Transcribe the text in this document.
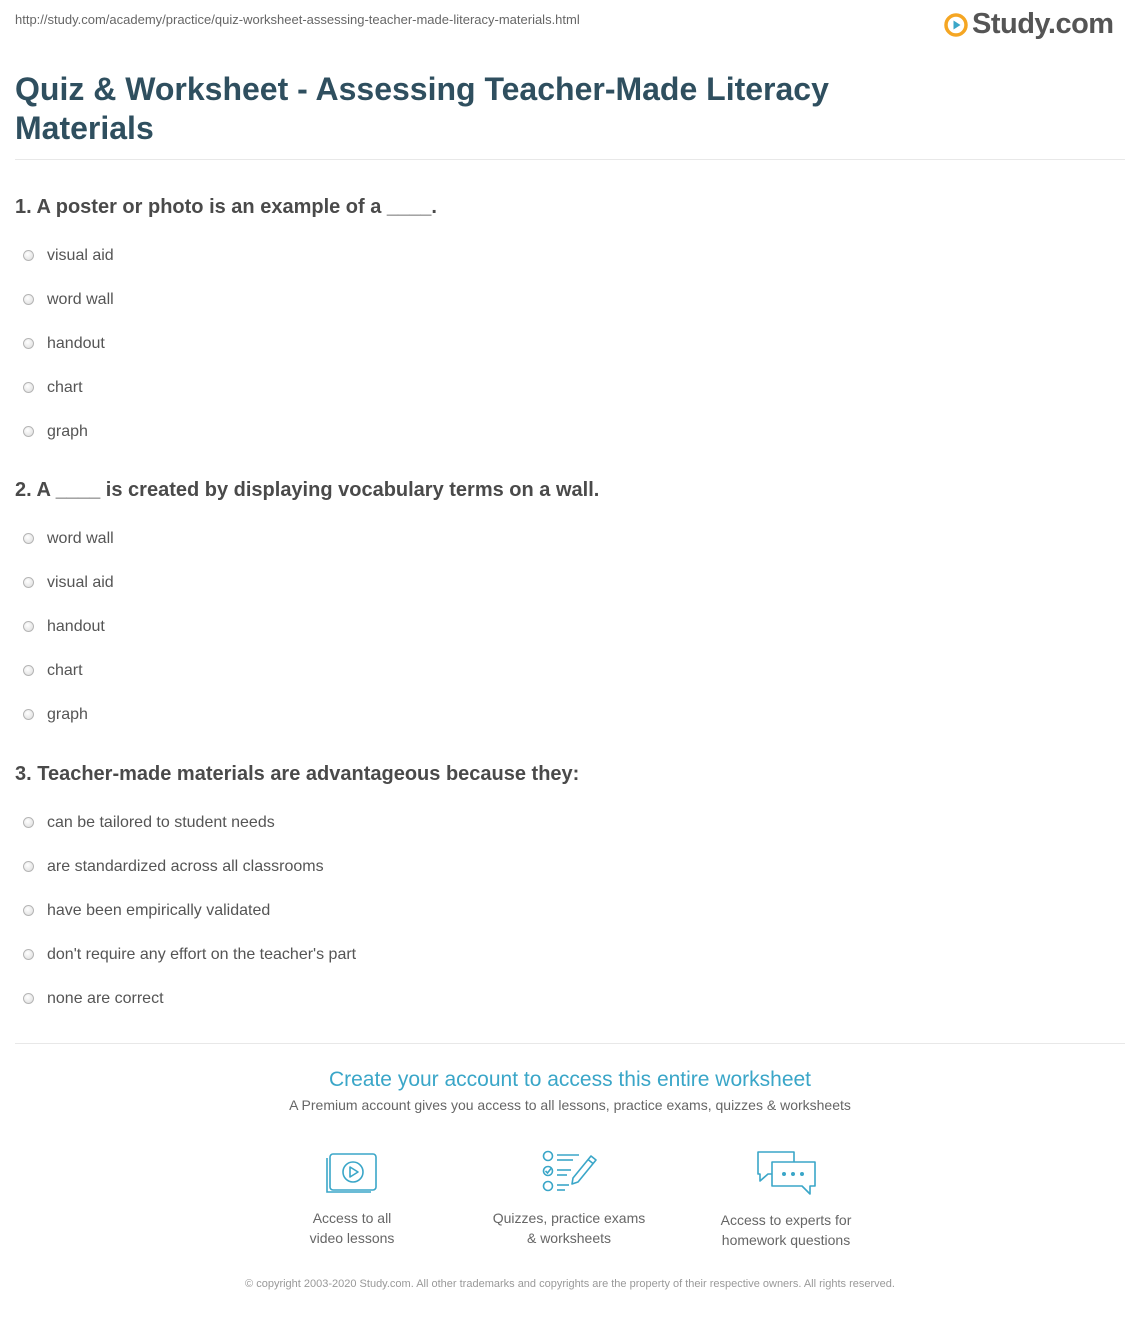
http://study.com/academy/practice/quiz-worksheet-assessing-teacher-made-literacy-materials.html	Study.com
Quiz & Worksheet - Assessing Teacher-Made Literacy Materials

1. A poster or photo is an example of a ____.

visual aid
word wall
handout
chart
graph

2. A ____ is created by displaying vocabulary terms on a wall.

word wall
visual aid
handout
chart
graph

3. Teacher-made materials are advantageous because they:

can be tailored to student needs
are standardized across all classrooms
have been empirically validated
don't require any effort on the teacher's part
none are correct

Create your account to access this entire worksheet

A Premium account gives you access to all lessons, practice exams, quizzes & worksheets
Access to all
video lessons
Quizzes, practice exams
& worksheets
Access to experts for
homework questions
© copyright 2003-2020 Study.com. All other trademarks and copyrights are the property of their respective owners. All rights reserved.
